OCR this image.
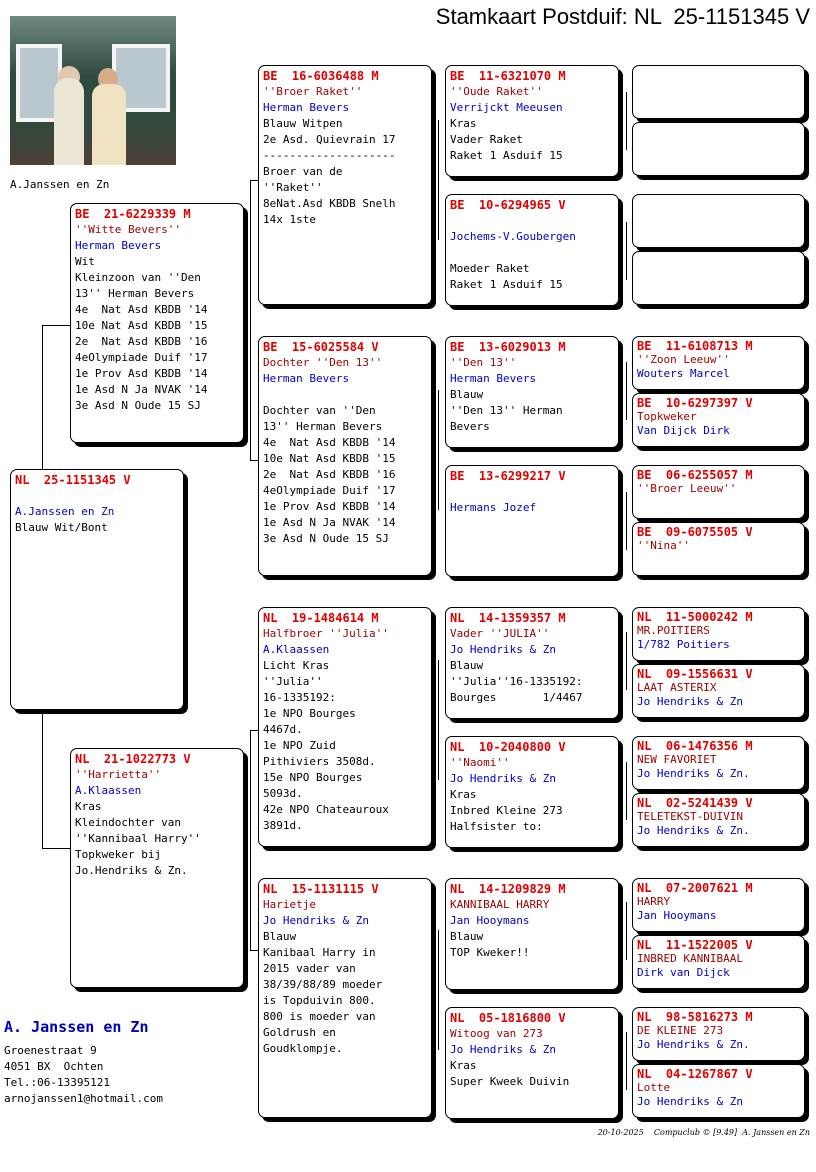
Stamkaart Postduif: NL  25-1151345 V
A.Janssen en Zn
NL  25-1151345 V
A.Janssen en Zn
Blauw Wit/Bont
BE  21-6229339 M
''Witte Bevers''
Herman Bevers
Wit
Kleinzoon van ''Den
13'' Herman Bevers
4e  Nat Asd KBDB '14
10e Nat Asd KBDB '15
2e  Nat Asd KBDB '16
4eOlympiade Duif '17
1e Prov Asd KBDB '14
1e Asd N Ja NVAK '14
3e Asd N Oude 15 SJ
NL  21-1022773 V
''Harrietta''
A.Klaassen
Kras
Kleindochter van
''Kannibaal Harry''
Topkweker bij
Jo.Hendriks & Zn.
BE  16-6036488 M
''Broer Raket''
Herman Bevers
Blauw Witpen
2e Asd. Quievrain 17
--------------------
Broer van de
''Raket''
8eNat.Asd KBDB Snelh
14x 1ste
BE  15-6025584 V
Dochter ''Den 13''
Herman Bevers
Dochter van ''Den
13'' Herman Bevers
4e  Nat Asd KBDB '14
10e Nat Asd KBDB '15
2e  Nat Asd KBDB '16
4eOlympiade Duif '17
1e Prov Asd KBDB '14
1e Asd N Ja NVAK '14
3e Asd N Oude 15 SJ
NL  19-1484614 M
Halfbroer ''Julia''
A.Klaassen
Licht Kras
''Julia''
16-1335192:
1e NPO Bourges
4467d.
1e NPO Zuid
Pithiviers 3508d.
15e NPO Bourges
5093d.
42e NPO Chateauroux
3891d.
NL  15-1131115 V
Harietje
Jo Hendriks & Zn
Blauw
Kanibaal Harry in
2015 vader van
38/39/88/89 moeder
is Topduivin 800.
800 is moeder van
Goldrush en
Goudklompje.
BE  11-6321070 M
''Oude Raket''
Verrijckt Meeusen
Kras
Vader Raket
Raket 1 Asduif 15
BE  10-6294965 V
Jochems-V.Goubergen
Moeder Raket
Raket 1 Asduif 15
BE  13-6029013 M
''Den 13''
Herman Bevers
Blauw
''Den 13'' Herman
Bevers
BE  13-6299217 V
Hermans Jozef
NL  14-1359357 M
Vader ''JULIA''
Jo Hendriks & Zn
Blauw
''Julia''16-1335192:
Bourges       1/4467
NL  10-2040800 V
''Naomi''
Jo Hendriks & Zn
Kras
Inbred Kleine 273
Halfsister to:
NL  14-1209829 M
KANNIBAAL HARRY
Jan Hooymans
Blauw
TOP Kweker!!
NL  05-1816800 V
Witoog van 273
Jo Hendriks & Zn
Kras
Super Kweek Duivin
BE  11-6108713 M
''Zoon Leeuw''
Wouters Marcel
BE  10-6297397 V
Topkweker
Van Dijck Dirk
BE  06-6255057 M
''Broer Leeuw''
BE  09-6075505 V
''Nina''
NL  11-5000242 M
MR.POITIERS
1/782 Poitiers
NL  09-1556631 V
LAAT ASTERIX
Jo Hendriks & Zn
NL  06-1476356 M
NEW FAVORIET
Jo Hendriks & Zn.
NL  02-5241439 V
TELETEKST-DUIVIN
Jo Hendriks & Zn.
NL  07-2007621 M
HARRY
Jan Hooymans
NL  11-1522005 V
INBRED KANNIBAAL
Dirk van Dijck
NL  98-5816273 M
DE KLEINE 273
Jo Hendriks & Zn.
NL  04-1267867 V
Lotte
Jo Hendriks & Zn
A. Janssen en Zn
Groenestraat 9
4051 BX  Ochten
Tel.:06-13395121
arnojanssen1@hotmail.com
20-10-2025    Compuclub © [9.49]  A. Janssen en Zn
